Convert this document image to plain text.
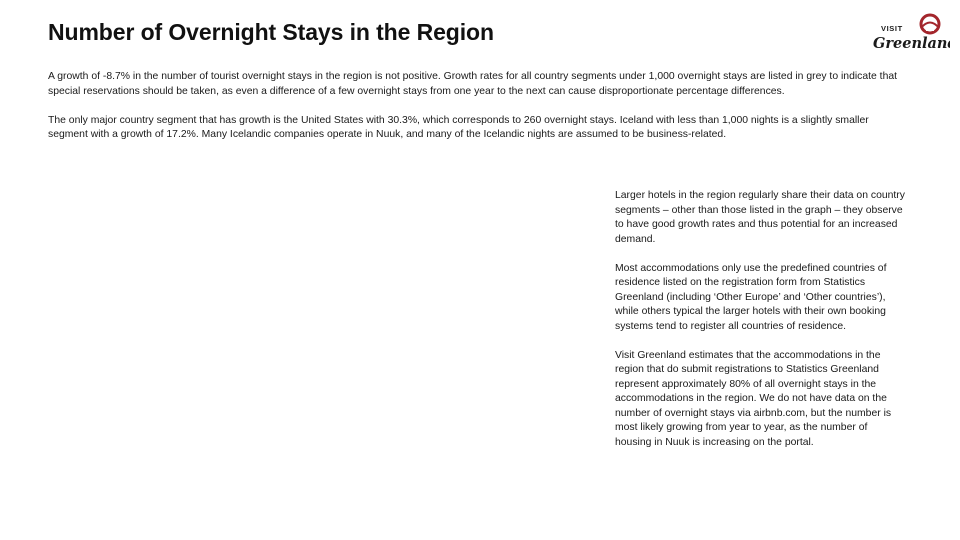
Number of Overnight Stays in the Region	VISIT
Greenland

A growth of -8.7% in the number of tourist overnight stays in the region is not positive. Growth rates for all country segments under 1,000 overnight stays are listed in grey to indicate that special reservations should be taken, as even a difference of a few overnight stays from one year to the next can cause disproportionate percentage differences.

The only major country segment that has growth is the United States with 30.3%, which corresponds to 260 overnight stays. Iceland with less than 1,000 nights is a slightly smaller segment with a growth of 17.2%. Many Icelandic companies operate in Nuuk, and many of the Icelandic nights are assumed to be business-related.

Larger hotels in the region regularly share their data on country segments – other than those listed in the graph – they observe to have good growth rates and thus potential for an increased demand.

Most accommodations only use the predefined countries of residence listed on the registration form from Statistics Greenland (including ‘Other Europe’ and ‘Other countries’), while others typical the larger hotels with their own booking systems tend to register all countries of residence.

Visit Greenland estimates that the accommodations in the region that do submit registrations to Statistics Greenland represent approximately 80% of all overnight stays in the accommodations in the region. We do not have data on the number of overnight stays via airbnb.com, but the number is most likely growing from year to year, as the number of housing in Nuuk is increasing on the portal.
